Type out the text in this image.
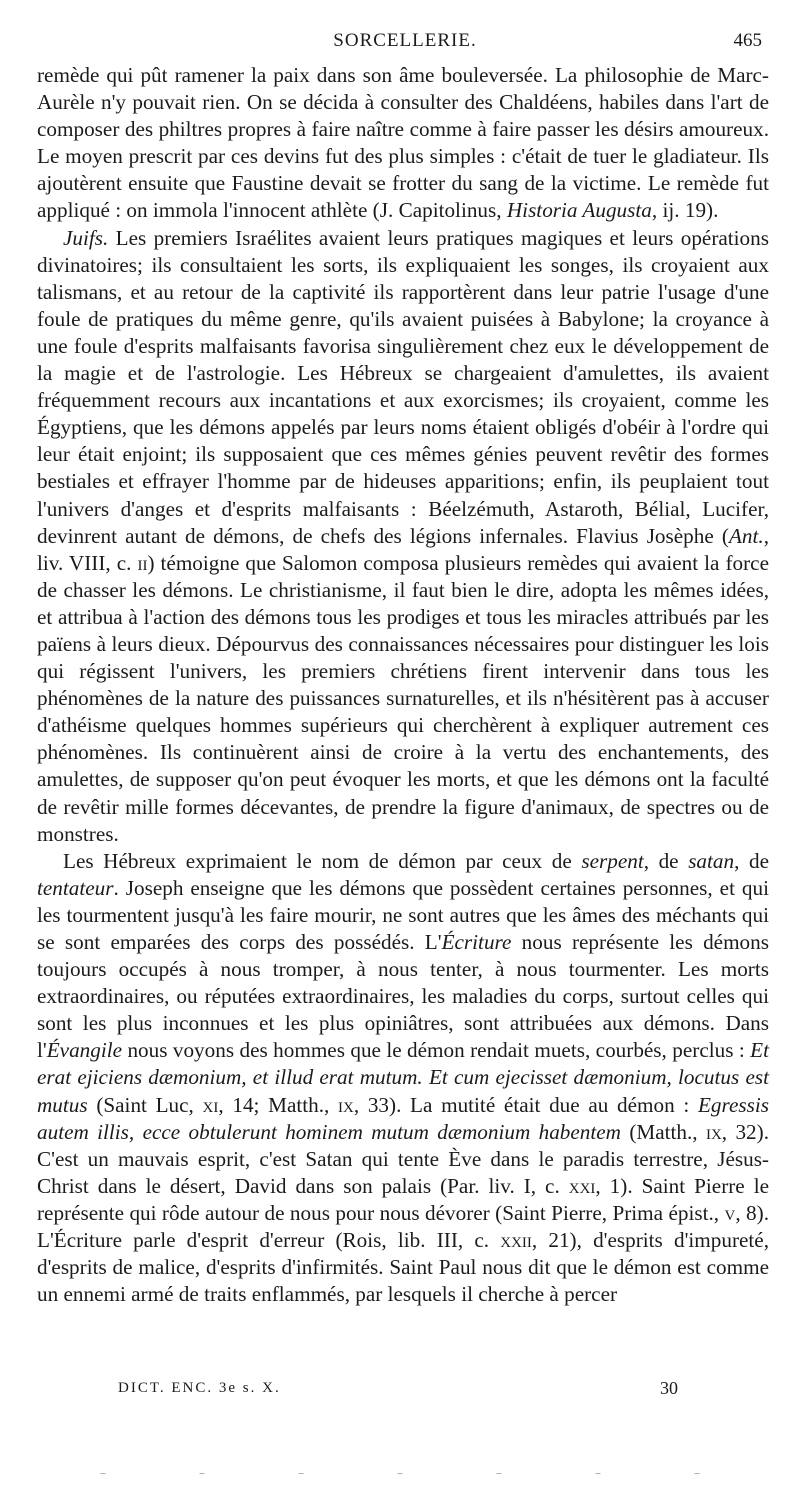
SORCELLERIE.	465

remède qui pût ramener la paix dans son âme bouleversée. La philosophie de Marc-Aurèle n'y pouvait rien. On se décida à consulter des Chaldéens, habiles dans l'art de composer des philtres propres à faire naître comme à faire passer les désirs amoureux. Le moyen prescrit par ces devins fut des plus simples : c'était de tuer le gladiateur. Ils ajoutèrent ensuite que Faustine devait se frotter du sang de la victime. Le remède fut appliqué : on immola l'innocent athlète (J. Capitolinus, Historia Augusta, ij. 19).

Juifs. Les premiers Israélites avaient leurs pratiques magiques et leurs opérations divinatoires; ils consultaient les sorts, ils expliquaient les songes, ils croyaient aux talismans, et au retour de la captivité ils rapportèrent dans leur patrie l'usage d'une foule de pratiques du même genre, qu'ils avaient puisées à Babylone; la croyance à une foule d'esprits malfaisants favorisa singulièrement chez eux le développement de la magie et de l'astrologie. Les Hébreux se chargeaient d'amulettes, ils avaient fréquemment recours aux incantations et aux exorcismes; ils croyaient, comme les Égyptiens, que les démons appelés par leurs noms étaient obligés d'obéir à l'ordre qui leur était enjoint; ils supposaient que ces mêmes génies peuvent revêtir des formes bestiales et effrayer l'homme par de hideuses apparitions; enfin, ils peuplaient tout l'univers d'anges et d'esprits malfaisants : Béelzémuth, Astaroth, Bélial, Lucifer, devinrent autant de démons, de chefs des légions infernales. Flavius Josèphe (Ant., liv. VIII, c. ii) témoigne que Salomon composa plusieurs remèdes qui avaient la force de chasser les démons. Le christianisme, il faut bien le dire, adopta les mêmes idées, et attribua à l'action des démons tous les prodiges et tous les miracles attribués par les païens à leurs dieux. Dépourvus des connaissances nécessaires pour distinguer les lois qui régissent l'univers, les premiers chrétiens firent intervenir dans tous les phénomènes de la nature des puissances surnaturelles, et ils n'hésitèrent pas à accuser d'athéisme quelques hommes supérieurs qui cherchèrent à expliquer autrement ces phénomènes. Ils continuèrent ainsi de croire à la vertu des enchantements, des amulettes, de supposer qu'on peut évoquer les morts, et que les démons ont la faculté de revêtir mille formes décevantes, de prendre la figure d'animaux, de spectres ou de monstres.

Les Hébreux exprimaient le nom de démon par ceux de serpent, de satan, de tentateur. Joseph enseigne que les démons que possèdent certaines personnes, et qui les tourmentent jusqu'à les faire mourir, ne sont autres que les âmes des méchants qui se sont emparées des corps des possédés. L'Écriture nous représente les démons toujours occupés à nous tromper, à nous tenter, à nous tourmenter. Les morts extraordinaires, ou réputées extraordinaires, les maladies du corps, surtout celles qui sont les plus inconnues et les plus opiniâtres, sont attribuées aux démons. Dans l'Évangile nous voyons des hommes que le démon rendait muets, courbés, perclus : Et erat ejiciens dæmonium, et illud erat mutum. Et cum ejecisset dæmonium, locutus est mutus (Saint Luc, xi, 14; Matth., ix, 33). La mutité était due au démon : Egressis autem illis, ecce obtulerunt hominem mutum dæmonium habentem (Matth., ix, 32). C'est un mauvais esprit, c'est Satan qui tente Ève dans le paradis terrestre, Jésus-Christ dans le désert, David dans son palais (Par. liv. I, c. xxi, 1). Saint Pierre le représente qui rôde autour de nous pour nous dévorer (Saint Pierre, Prima épist., v, 8). L'Écriture parle d'esprit d'erreur (Rois, lib. III, c. xxii, 21), d'esprits d'impureté, d'esprits de malice, d'esprits d'infirmités. Saint Paul nous dit que le démon est comme un ennemi armé de traits enflammés, par lesquels il cherche à percer

DICT. ENC. 3e s. X.	30
–	–	–	–	–	–	–
